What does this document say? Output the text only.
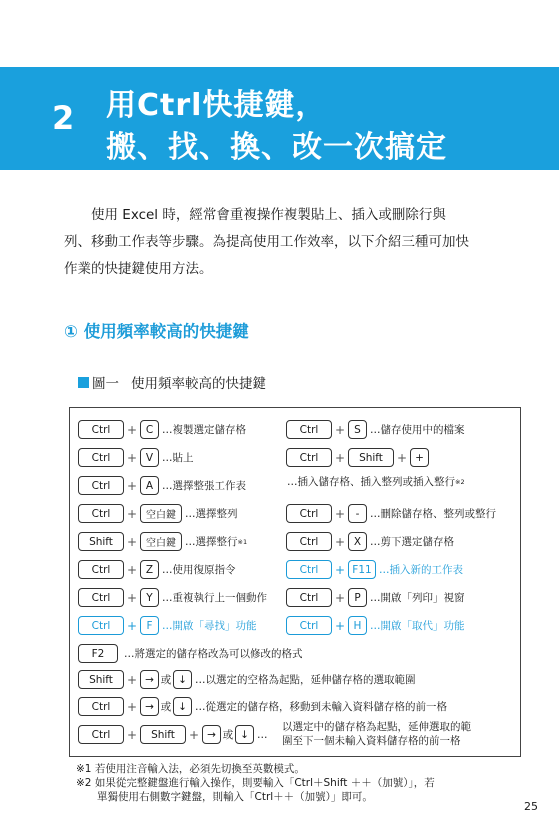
2	用Ctrl快捷鍵，
搬、找、換、改一次搞定
使用 Excel 時，經常會重複操作複製貼上、插入或刪除行與
列、移動工作表等步驟。為提高使用工作效率，以下介紹三種可加快
作業的快捷鍵使用方法。
① 使用頻率較高的快捷鍵
圖一 使用頻率較高的快捷鍵
Ctrl	+ C …複製選定儲存格
Ctrl	+ V …貼上
Ctrl	+ A …選擇整張工作表
Ctrl	+ 空白鍵 …選擇整列
Shift	+ 空白鍵 …選擇整行 ※1
Ctrl	+ Z …使用復原指令
Ctrl	+ Y …重複執行上一個動作
Ctrl	+ F …開啟「尋找」功能
Ctrl	+ S …儲存使用中的檔案
Ctrl	+	Shift	+ +
…插入儲存格、插入整列或插入整行 ※2
Ctrl	+	-	…刪除儲存格、整列或整行
Ctrl	+ X …剪下選定儲存格
Ctrl	+ F11 …插入新的工作表
Ctrl	+ P …開啟「列印」視窗
Ctrl	+ H …開啟「取代」功能
F2	…將選定的儲存格改為可以修改的格式
Shift	+ → 或 ↓ …以選定的空格為起點，延伸儲存格的選取範圍
Ctrl	+ → 或 ↓ …從選定的儲存格，移動到未輸入資料儲存格的前一格
Ctrl	+	Shift	+ → 或 ↓ …
以選定中的儲存格為起點，延伸選取的範
圍至下一個未輸入資料儲存格的前一格
※1 若使用注音輸入法，必須先切換至英數模式。
※2 如果從完整鍵盤進行輸入操作，則要輸入「Ctrl＋Shift ＋＋（加號）」，若
單獨使用右側數字鍵盤，則輸入「Ctrl＋＋（加號）」即可。
25
